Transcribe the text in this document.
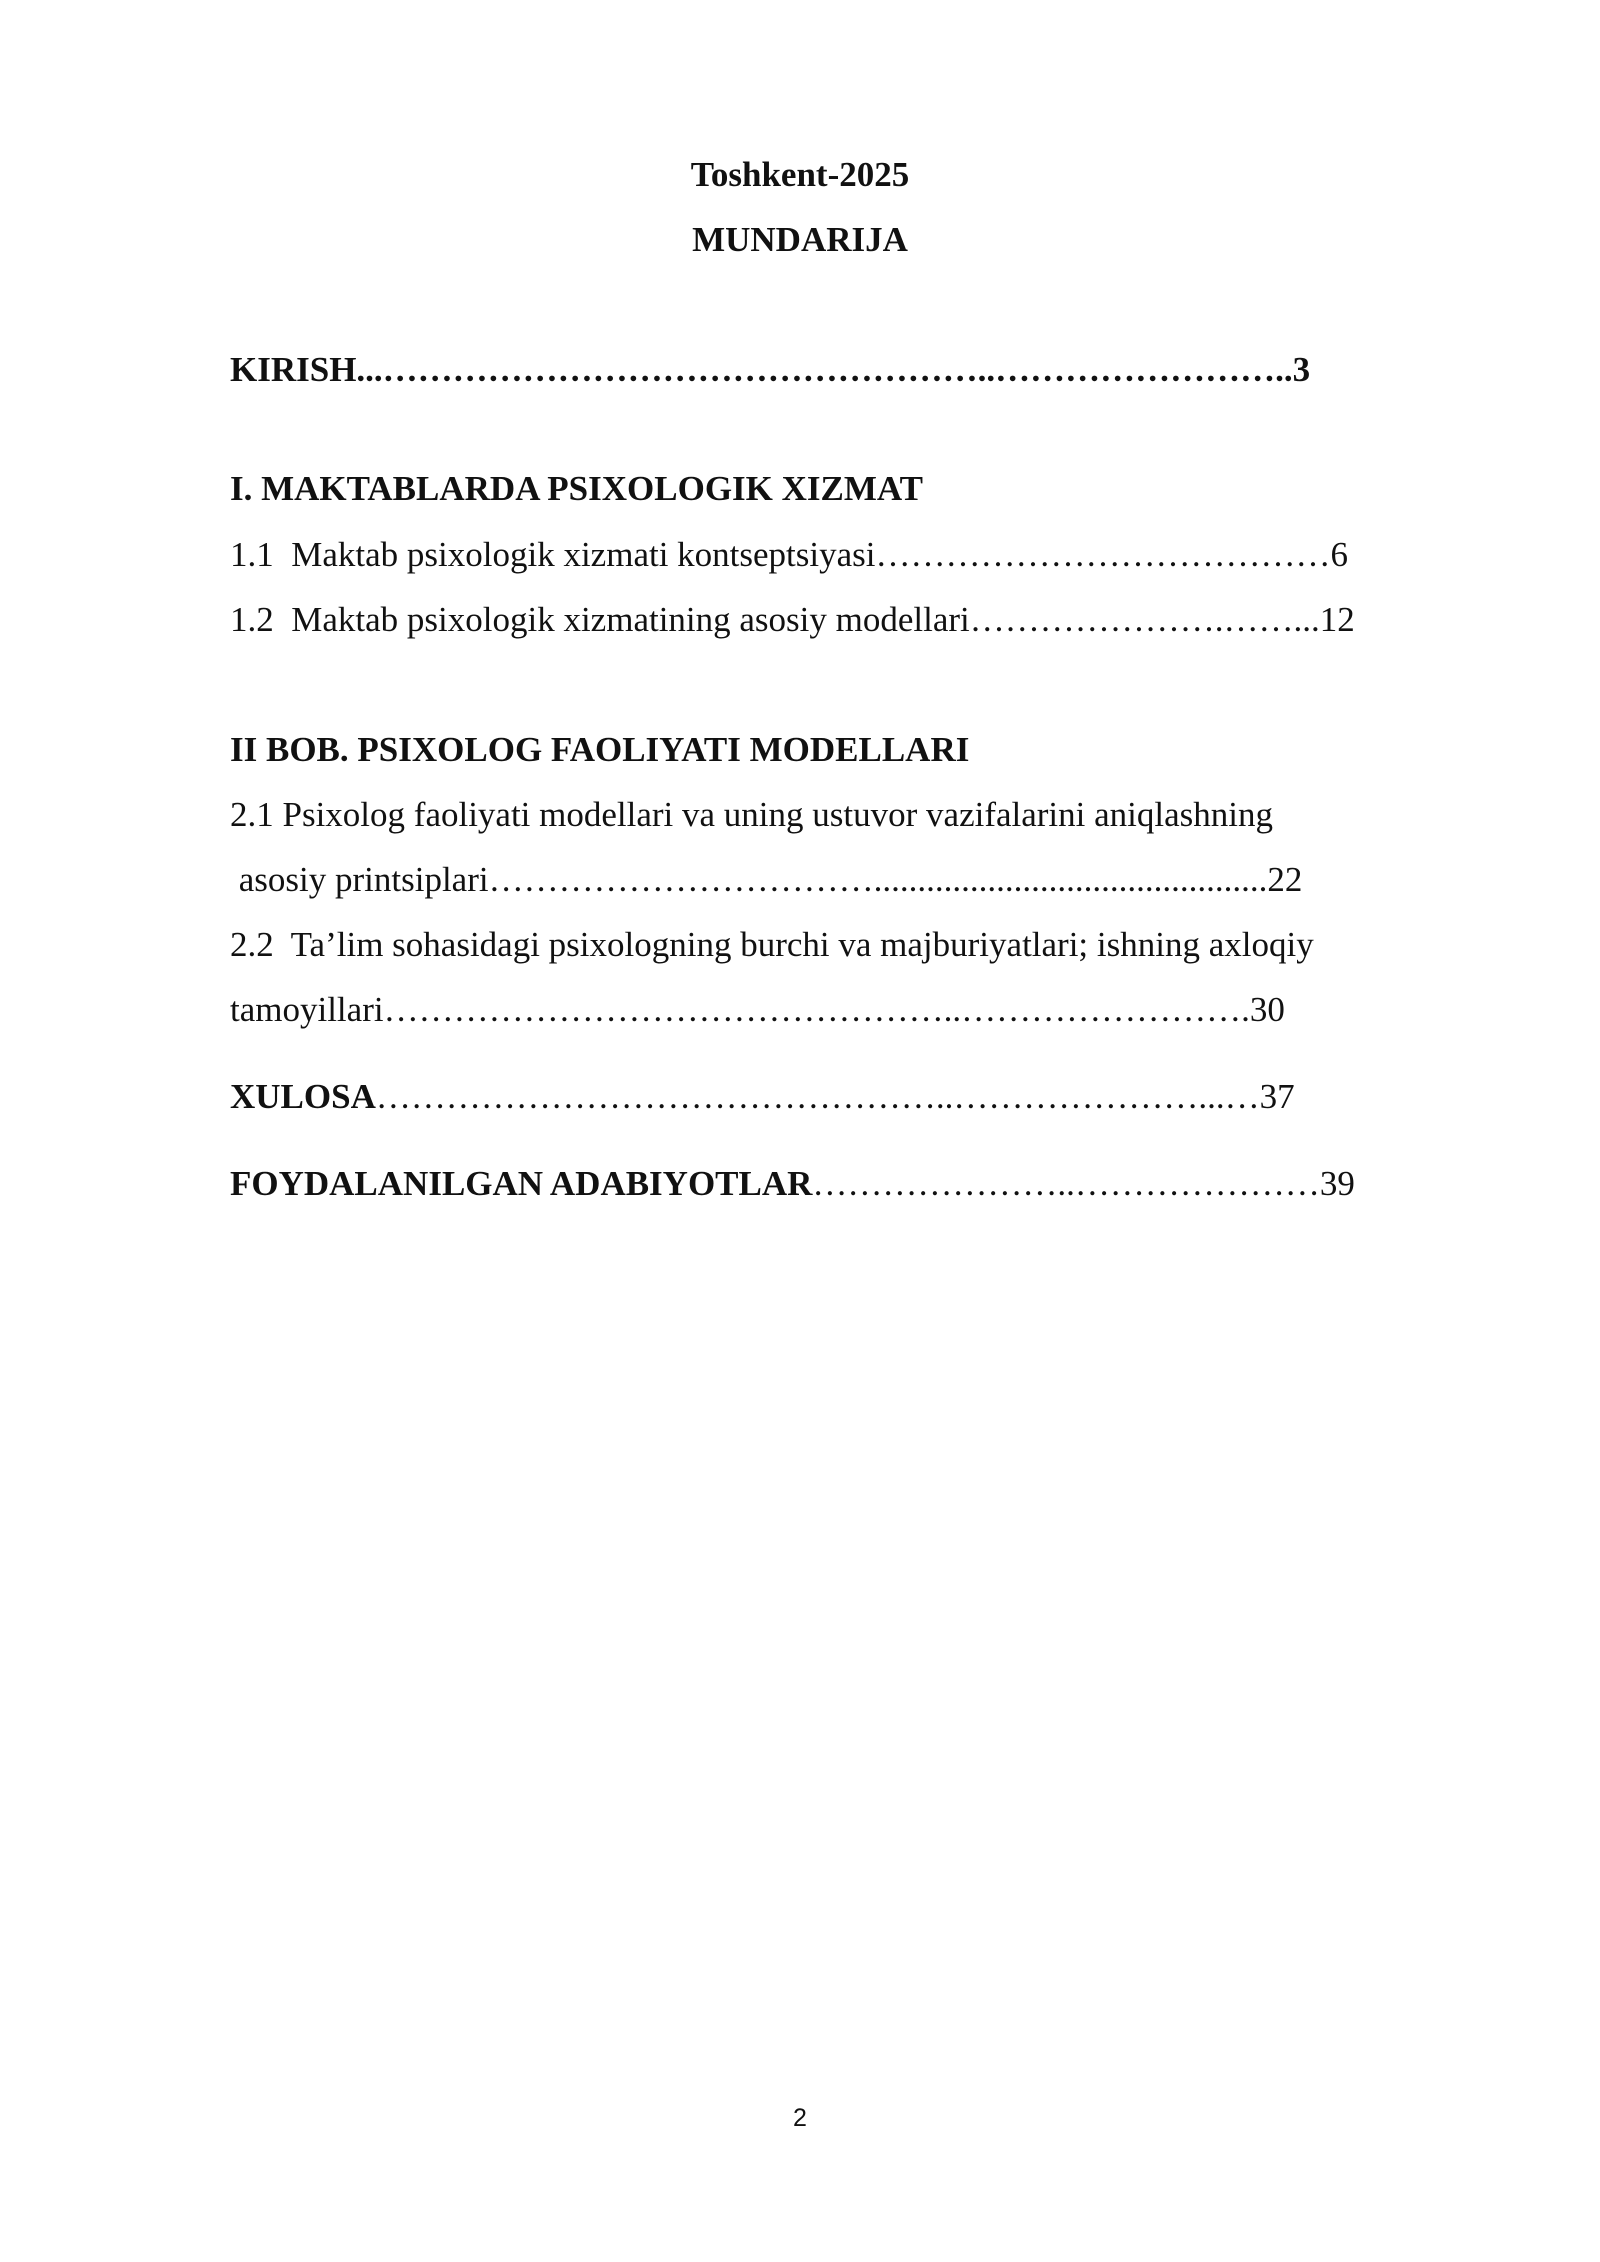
Toshkent-2025
MUNDARIJA
KIRISH...……………………………………………..……………………..3
I. MAKTABLARDA PSIXOLOGIK XIZMAT
1.1  Maktab psixologik xizmati kontseptsiyasi…………………………………6
1.2  Maktab psixologik xizmatining asosiy modellari………………….……...12
II BOB. PSIXOLOG FAOLIYATI MODELLARI
2.1 Psixolog faoliyati modellari va uning ustuvor vazifalarini aniqlashning
asosiy printsiplari…………………………….............................................22
2.2  Ta’lim sohasidagi psixologning burchi va majburiyatlari; ishning axloqiy
tamoyillari…………………………………………..…………………….30
XULOSA…………………………………………..…………………...…37
FOYDALANILGAN ADABIYOTLAR…………………..…………………39
2
